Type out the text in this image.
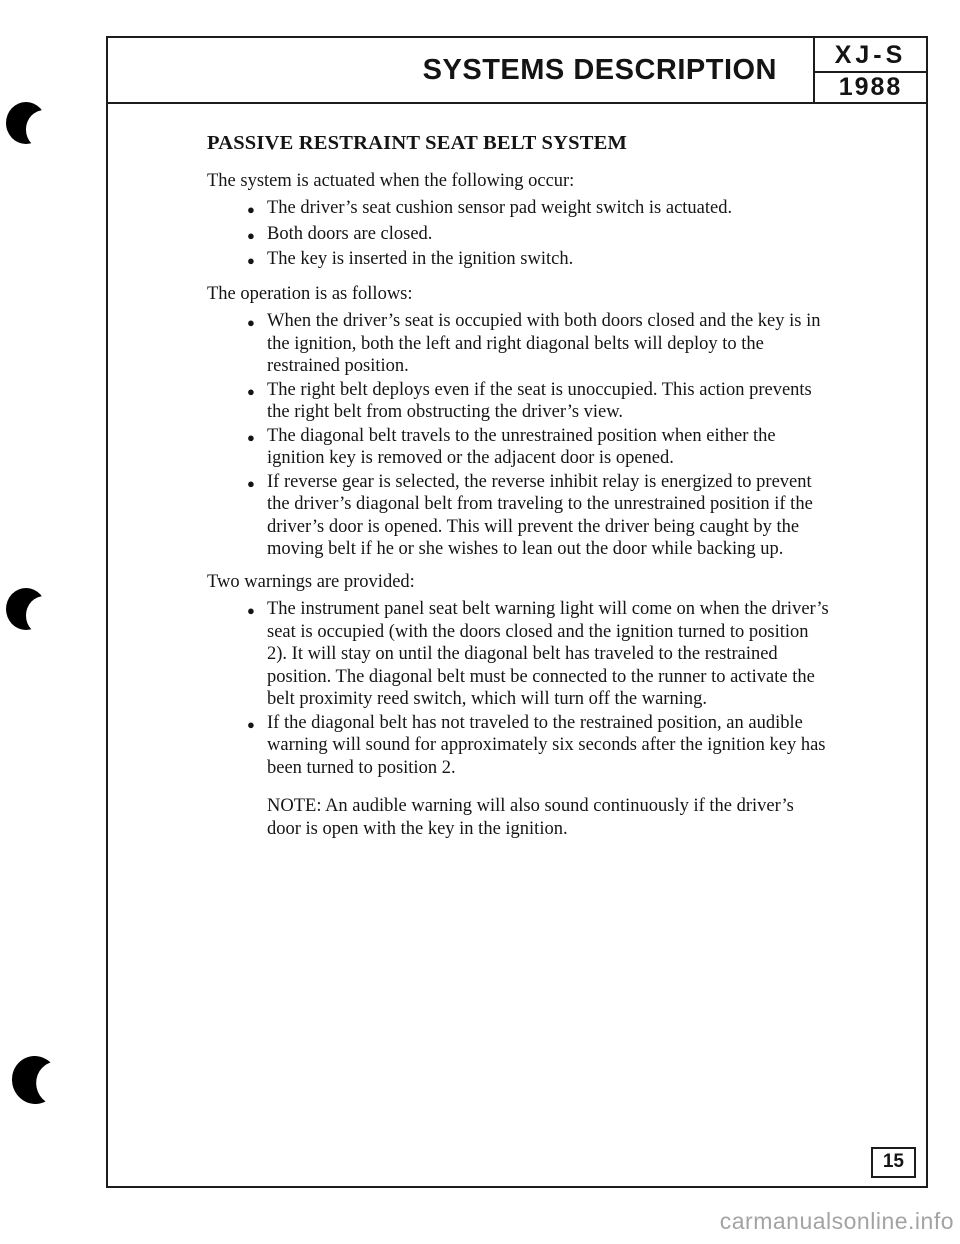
SYSTEMS DESCRIPTION	XJ-S
1988
PASSIVE RESTRAINT SEAT BELT SYSTEM

The system is actuated when the following occur:

●
The driver’s seat cushion sensor pad weight switch is actuated.
●
Both doors are closed.
●
The key is inserted in the ignition switch.

The operation is as follows:

●
When the driver’s seat is occupied with both doors closed and the key is in the ignition, both the left and right diagonal belts will deploy to the restrained position.
●
The right belt deploys even if the seat is unoccupied. This action prevents the right belt from obstructing the driver’s view.
●
The diagonal belt travels to the unrestrained position when either the ignition key is removed or the adjacent door is opened.
●
If reverse gear is selected, the reverse inhibit relay is energized to prevent the driver’s diagonal belt from traveling to the unrestrained position if the driver’s door is opened. This will prevent the driver being caught by the moving belt if he or she wishes to lean out the door while backing up.

Two warnings are provided:

●
The instrument panel seat belt warning light will come on when the driver’s seat is occupied (with the doors closed and the ignition turned to position 2). It will stay on until the diagonal belt has traveled to the restrained position. The diagonal belt must be connected to the runner to activate the belt proximity reed switch, which will turn off the warning.
●
If the diagonal belt has not traveled to the restrained position, an audible warning will sound for approximately six seconds after the ignition key has been turned to position 2.

NOTE: An audible warning will also sound continuously if the driver’s door is open with the key in the ignition.

15
carmanualsonline.info
